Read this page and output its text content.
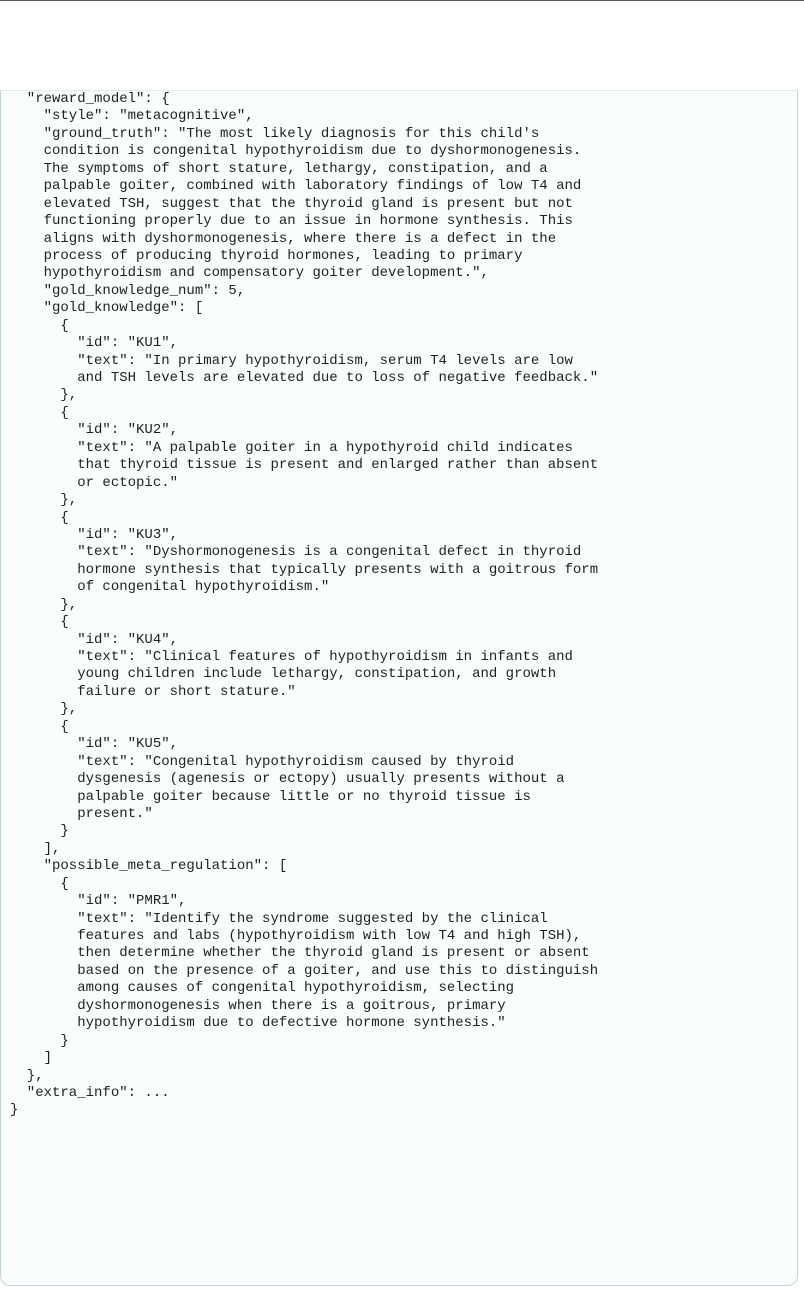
"reward_model": {
"style": "metacognitive",
"ground_truth": "The most likely diagnosis for this child's
condition is congenital hypothyroidism due to dyshormonogenesis.
The symptoms of short stature, lethargy, constipation, and a
palpable goiter, combined with laboratory findings of low T4 and
elevated TSH, suggest that the thyroid gland is present but not
functioning properly due to an issue in hormone synthesis. This
aligns with dyshormonogenesis, where there is a defect in the
process of producing thyroid hormones, leading to primary
hypothyroidism and compensatory goiter development.",
"gold_knowledge_num": 5,
"gold_knowledge": [
{
"id": "KU1",
"text": "In primary hypothyroidism, serum T4 levels are low
and TSH levels are elevated due to loss of negative feedback."
},
{
"id": "KU2",
"text": "A palpable goiter in a hypothyroid child indicates
that thyroid tissue is present and enlarged rather than absent
or ectopic."
},
{
"id": "KU3",
"text": "Dyshormonogenesis is a congenital defect in thyroid
hormone synthesis that typically presents with a goitrous form
of congenital hypothyroidism."
},
{
"id": "KU4",
"text": "Clinical features of hypothyroidism in infants and
young children include lethargy, constipation, and growth
failure or short stature."
},
{
"id": "KU5",
"text": "Congenital hypothyroidism caused by thyroid
dysgenesis (agenesis or ectopy) usually presents without a
palpable goiter because little or no thyroid tissue is
present."
}
],
"possible_meta_regulation": [
{
"id": "PMR1",
"text": "Identify the syndrome suggested by the clinical
features and labs (hypothyroidism with low T4 and high TSH),
then determine whether the thyroid gland is present or absent
based on the presence of a goiter, and use this to distinguish
among causes of congenital hypothyroidism, selecting
dyshormonogenesis when there is a goitrous, primary
hypothyroidism due to defective hormone synthesis."
}
]
},
"extra_info": ...
}
